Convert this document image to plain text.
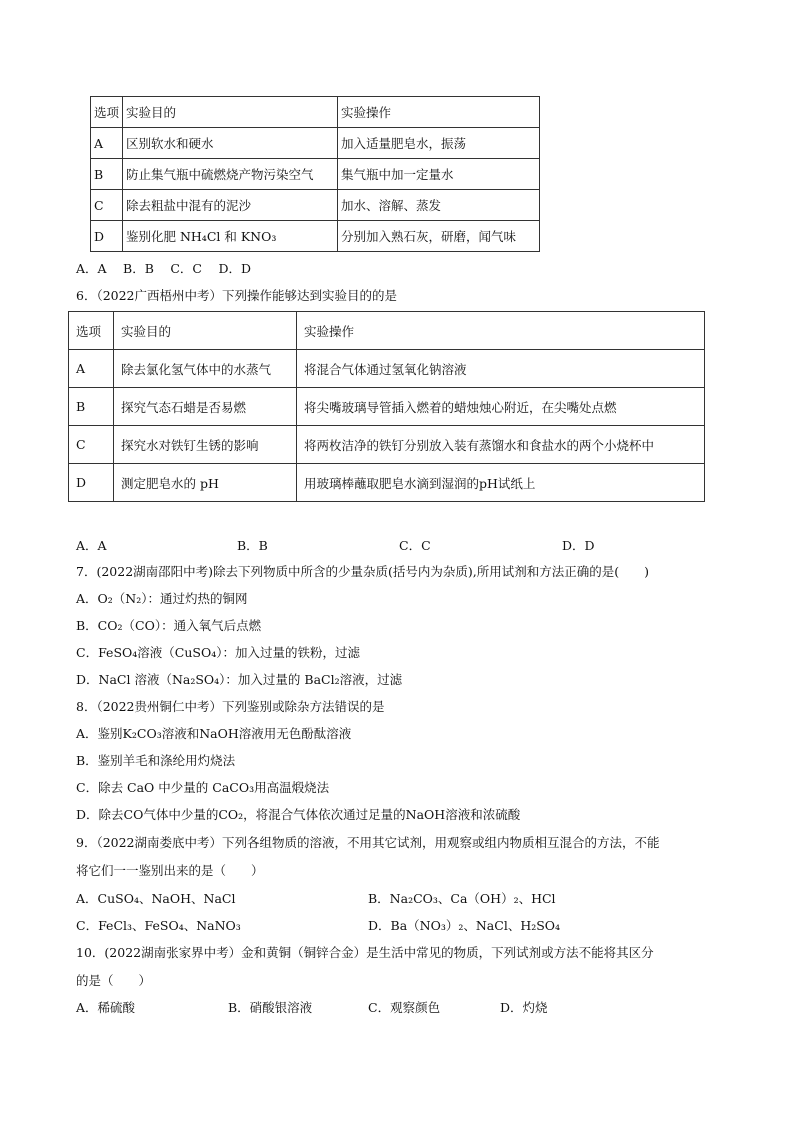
选项	实验目的	实验操作
A	区别软水和硬水	加入适量肥皂水，振荡
B	防止集气瓶中硫燃烧产物污染空气	集气瓶中加一定量水
C	除去粗盐中混有的泥沙	加水、溶解、蒸发
D	鉴别化肥 NH₄Cl 和 KNO₃	分别加入熟石灰，研磨，闻气味
A．A　 B．B　 C．C　 D．D
6．（2022广西梧州中考）下列操作能够达到实验目的的是
选项	实验目的	实验操作
A	除去氯化氢气体中的水蒸气	将混合气体通过氢氧化钠溶液
B	探究气态石蜡是否易燃	将尖嘴玻璃导管插入燃着的蜡烛烛心附近，在尖嘴处点燃
C	探究水对铁钉生锈的影响	将两枚洁净的铁钉分别放入装有蒸馏水和食盐水的两个小烧杯中
D	测定肥皂水的 pH	用玻璃棒蘸取肥皂水滴到湿润的pH试纸上
A．A	B．B	C．C	D．D
7．(2022湖南邵阳中考)除去下列物质中所含的少量杂质(括号内为杂质),所用试剂和方法正确的是(　　)
A．O₂（N₂）：通过灼热的铜网
B．CO₂（CO）：通入氧气后点燃
C．FeSO₄溶液（CuSO₄）：加入过量的铁粉，过滤
D．NaCl 溶液（Na₂SO₄）：加入过量的 BaCl₂溶液，过滤
8．（2022贵州铜仁中考）下列鉴别或除杂方法错误的是
A．鉴别K₂CO₃溶液和NaOH溶液用无色酚酞溶液
B．鉴别羊毛和涤纶用灼烧法
C．除去 CaO 中少量的 CaCO₃用高温煅烧法
D．除去CO气体中少量的CO₂，将混合气体依次通过足量的NaOH溶液和浓硫酸
9．（2022湖南娄底中考）下列各组物质的溶液，不用其它试剂，用观察或组内物质相互混合的方法，不能
将它们一一鉴别出来的是（　　）
A．CuSO₄、NaOH、NaCl	B．Na₂CO₃、Ca（OH）₂、HCl
C．FeCl₃、FeSO₄、NaNO₃	D．Ba（NO₃）₂、NaCl、H₂SO₄
10．(2022湖南张家界中考）金和黄铜（铜锌合金）是生活中常见的物质，下列试剂或方法不能将其区分
的是（　　）
A．稀硫酸	B．硝酸银溶液	C．观察颜色	D．灼烧
